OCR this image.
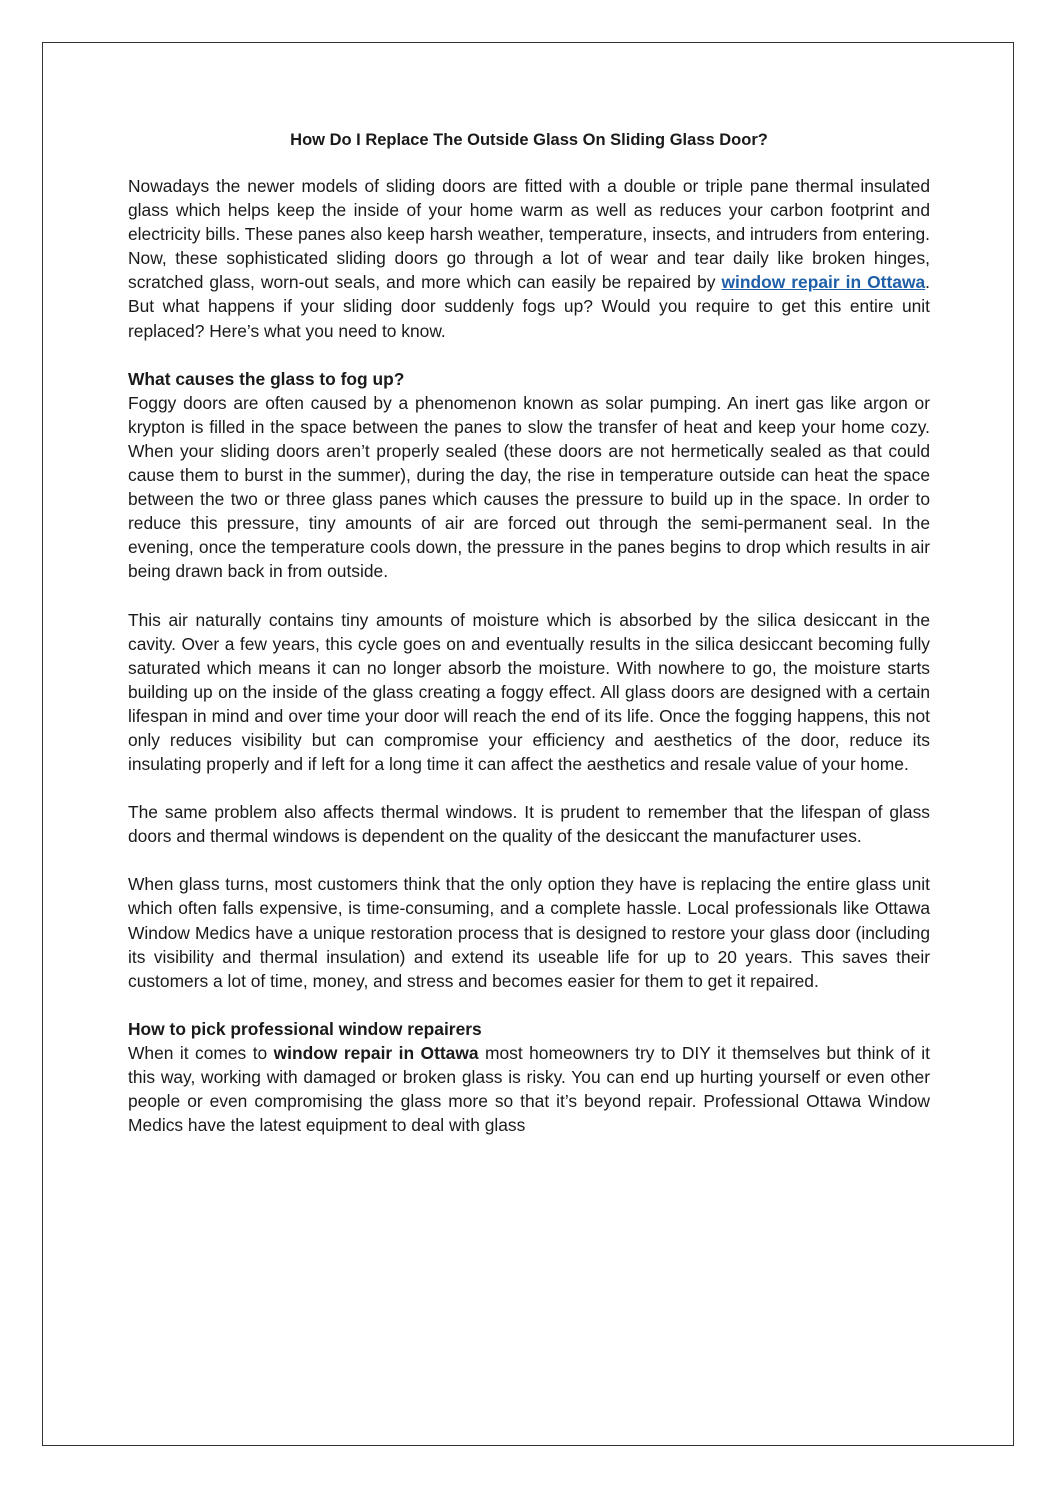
How Do I Replace The Outside Glass On Sliding Glass Door?

Nowadays the newer models of sliding doors are fitted with a double or triple pane thermal insulated glass which helps keep the inside of your home warm as well as reduces your carbon footprint and electricity bills. These panes also keep harsh weather, temperature, insects, and intruders from entering. Now, these sophisticated sliding doors go through a lot of wear and tear daily like broken hinges, scratched glass, worn-out seals, and more which can easily be repaired by window repair in Ottawa. But what happens if your sliding door suddenly fogs up? Would you require to get this entire unit replaced? Here’s what you need to know.

What causes the glass to fog up?

Foggy doors are often caused by a phenomenon known as solar pumping. An inert gas like argon or krypton is filled in the space between the panes to slow the transfer of heat and keep your home cozy. When your sliding doors aren’t properly sealed (these doors are not hermetically sealed as that could cause them to burst in the summer), during the day, the rise in temperature outside can heat the space between the two or three glass panes which causes the pressure to build up in the space. In order to reduce this pressure, tiny amounts of air are forced out through the semi-permanent seal. In the evening, once the temperature cools down, the pressure in the panes begins to drop which results in air being drawn back in from outside.

This air naturally contains tiny amounts of moisture which is absorbed by the silica desiccant in the cavity. Over a few years, this cycle goes on and eventually results in the silica desiccant becoming fully saturated which means it can no longer absorb the moisture. With nowhere to go, the moisture starts building up on the inside of the glass creating a foggy effect. All glass doors are designed with a certain lifespan in mind and over time your door will reach the end of its life. Once the fogging happens, this not only reduces visibility but can compromise your efficiency and aesthetics of the door, reduce its insulating properly and if left for a long time it can affect the aesthetics and resale value of your home.

The same problem also affects thermal windows. It is prudent to remember that the lifespan of glass doors and thermal windows is dependent on the quality of the desiccant the manufacturer uses.

When glass turns, most customers think that the only option they have is replacing the entire glass unit which often falls expensive, is time-consuming, and a complete hassle. Local professionals like Ottawa Window Medics have a unique restoration process that is designed to restore your glass door (including its visibility and thermal insulation) and extend its useable life for up to 20 years. This saves their customers a lot of time, money, and stress and becomes easier for them to get it repaired.

How to pick professional window repairers

When it comes to window repair in Ottawa most homeowners try to DIY it themselves but think of it this way, working with damaged or broken glass is risky. You can end up hurting yourself or even other people or even compromising the glass more so that it’s beyond repair. Professional Ottawa Window Medics have the latest equipment to deal with glass
